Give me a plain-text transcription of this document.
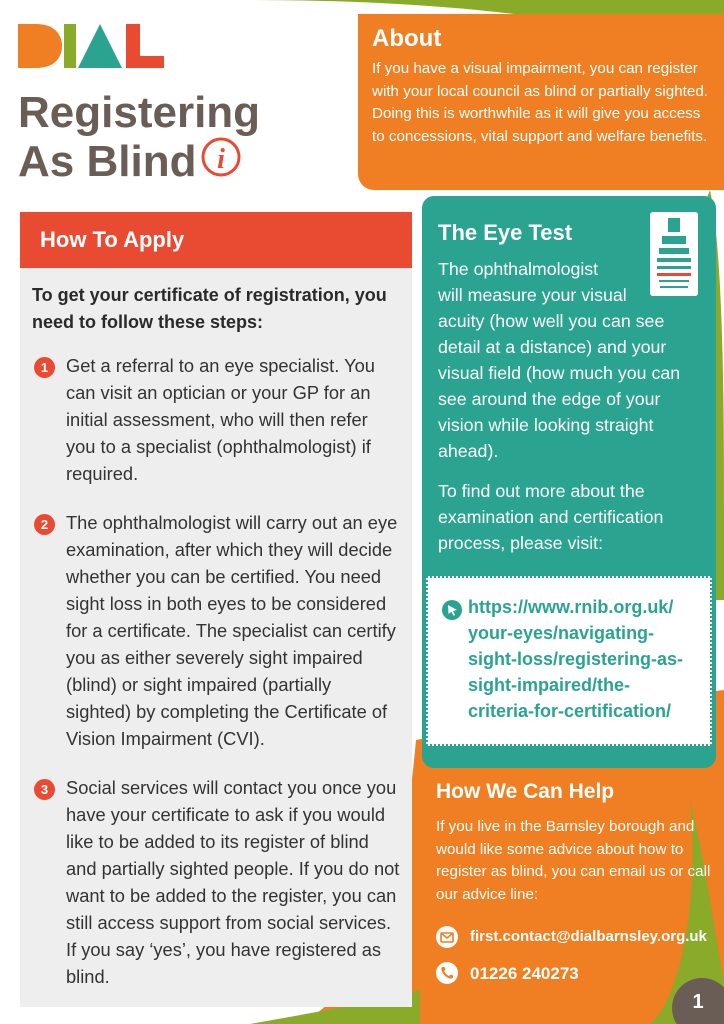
Registering
As Blind i
About

If you have a visual impairment, you can register with your local council as blind or partially sighted. Doing this is worthwhile as it will give you access to concessions, vital support and welfare benefits.

How To Apply
To get your certificate of registration, you need to follow these steps:
1 Get a referral to an eye specialist. You can visit an optician or your GP for an initial assessment, who will then refer you to a specialist (ophthalmologist) if required.
2 The ophthalmologist will carry out an eye examination, after which they will decide whether you can be certified. You need sight loss in both eyes to be considered for a certificate. The specialist can certify you as either severely sight impaired (blind) or sight impaired (partially sighted) by completing the Certificate of Vision Impairment (CVI).
3 Social services will contact you once you have your certificate to ask if you would like to be added to its register of blind and partially sighted people. If you do not want to be added to the register, you can still access support from social services. If you say ‘yes’, you have registered as blind.
The Eye Test

The ophthalmologist
will measure your visual
acuity (how well you can see detail at a distance) and your visual field (how much you can see around the edge of your vision while looking straight ahead).

To find out more about the examination and certification process, please visit:

https://www.rnib.org.uk/
your-eyes/navigating-
sight-loss/registering-as-
sight-impaired/the-
criteria-for-certification/
How We Can Help

If you live in the Barnsley borough and would like some advice about how to register as blind, you can email us or call our advice line:

first.contact@dialbarnsley.org.uk
01226 240273
1
